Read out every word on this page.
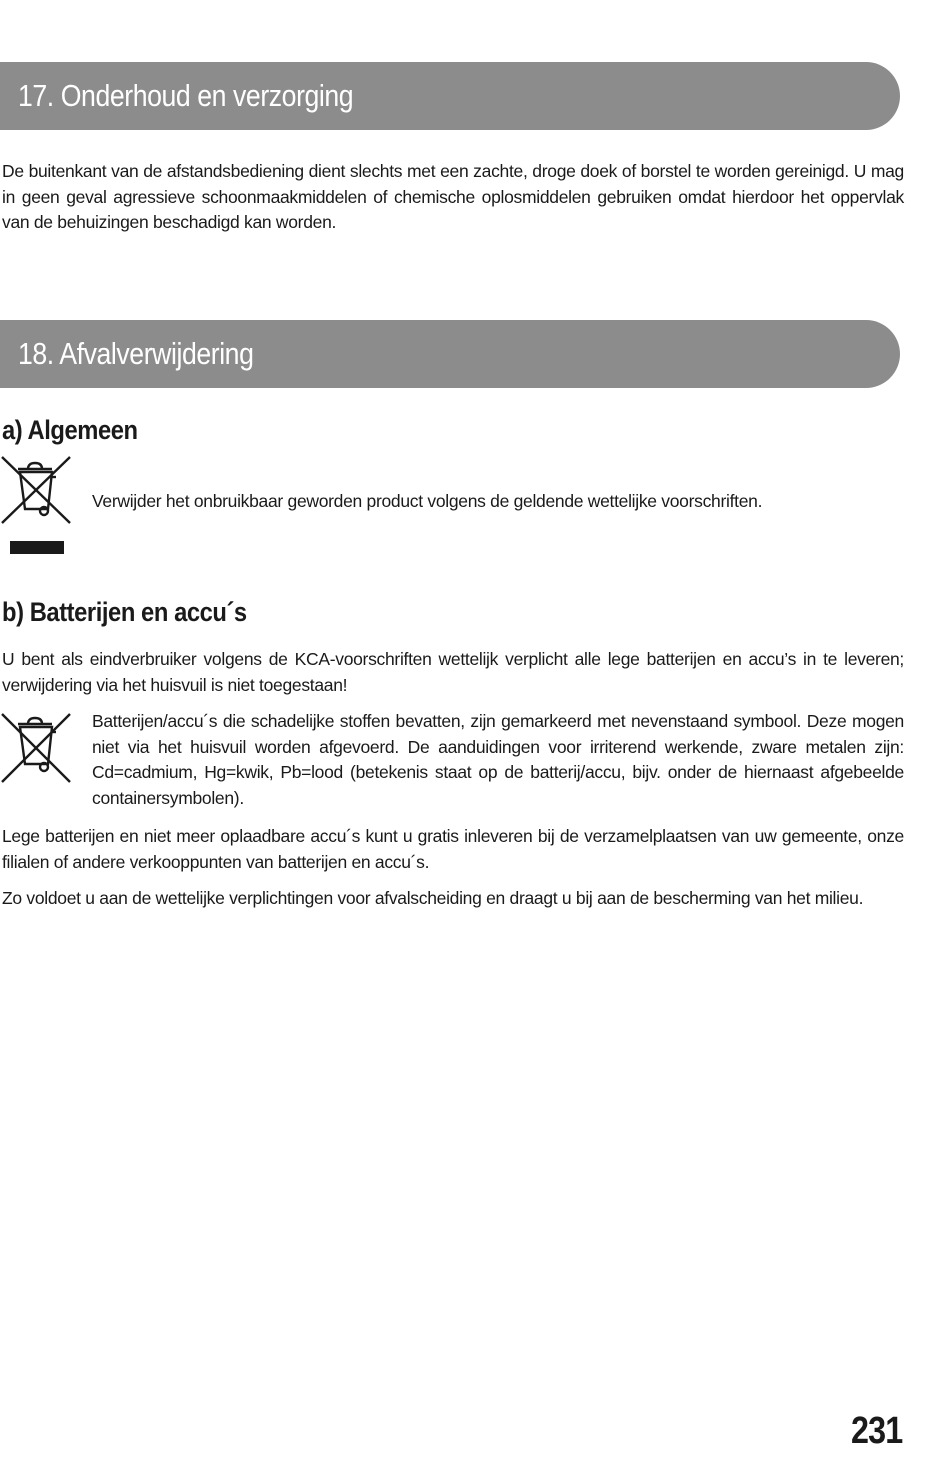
17. Onderhoud en verzorging

De buitenkant van de afstandsbediening dient slechts met een zachte, droge doek of borstel te worden gereinigd. U mag in geen geval agressieve schoonmaakmiddelen of chemische oplosmiddelen gebruiken omdat hierdoor het oppervlak van de behuizingen beschadigd kan worden.

18. Afvalverwijdering
a) Algemeen

Verwijder het onbruikbaar geworden product volgens de geldende wettelijke voorschriften.

b) Batterijen en accu´s

U bent als eindverbruiker volgens de KCA-voorschriften wettelijk verplicht alle lege batterijen en accu’s in te leveren; verwijdering via het huisvuil is niet toegestaan!

Batterijen/accu´s die schadelijke stoffen bevatten, zijn gemarkeerd met nevenstaand symbool. Deze mogen niet via het huisvuil worden afgevoerd. De aanduidingen voor irriterend werkende, zware metalen zijn: Cd=cadmium, Hg=kwik, Pb=lood (betekenis staat op de batterij/accu, bijv. onder de hiernaast afgebeelde containersymbolen).

Lege batterijen en niet meer oplaadbare accu´s kunt u gratis inleveren bij de verzamelplaatsen van uw gemeente, onze filialen of andere verkooppunten van batterijen en accu´s.

Zo voldoet u aan de wettelijke verplichtingen voor afvalscheiding en draagt u bij aan de bescherming van het milieu.

231
